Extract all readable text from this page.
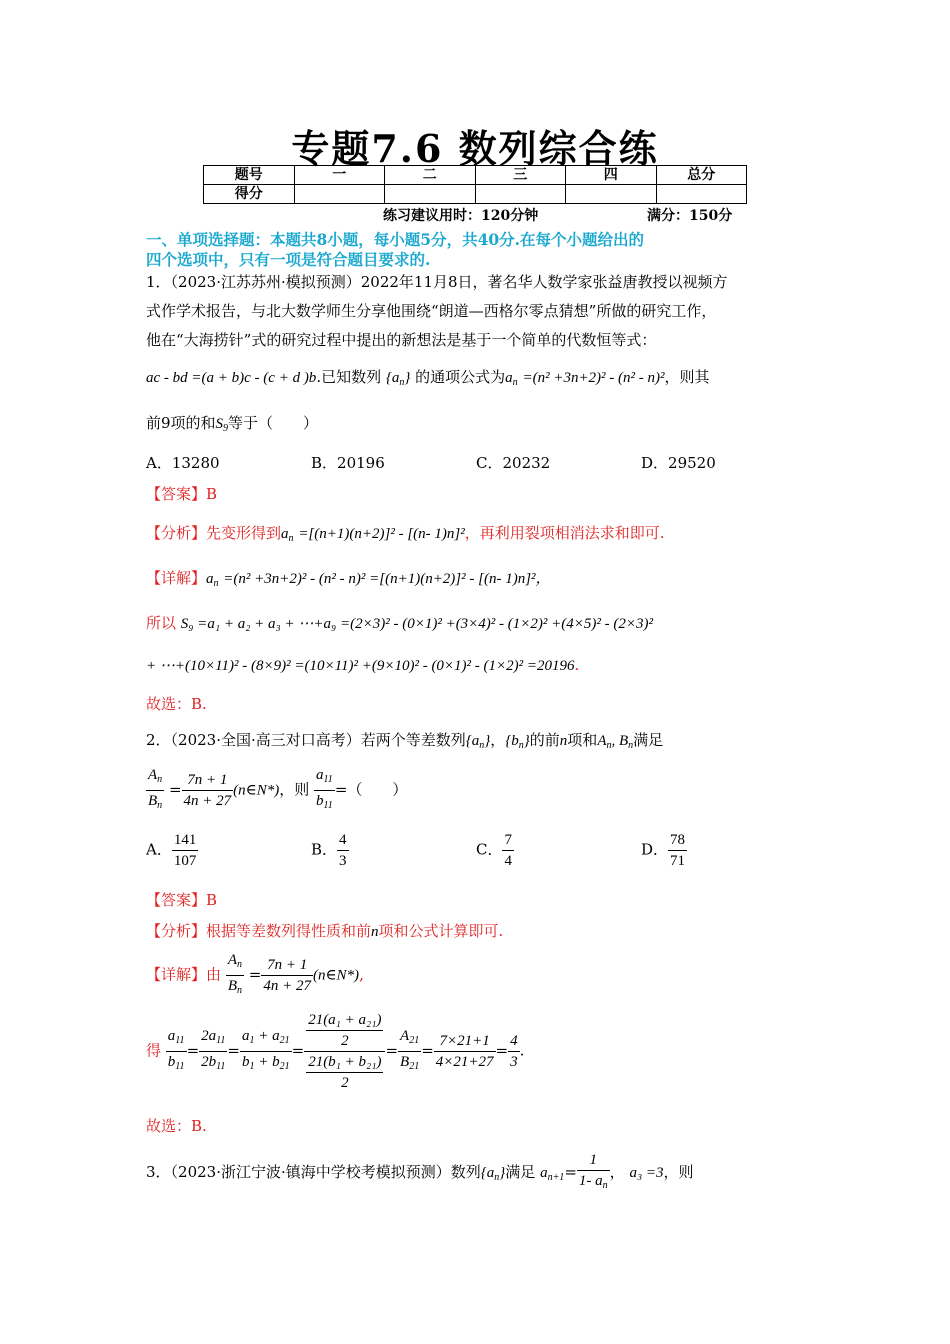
专题7.6 数列综合练
题号	一	二	三	四	总分
得分					
练习建议用时：120分钟	满分：150分
一、单项选择题：本题共8小题，每小题5分，共40分.在每个小题给出的
四个选项中，只有一项是符合题目要求的.
1．（2023·江苏苏州·模拟预测）2022年11月8日，著名华人数学家张益唐教授以视频方
式作学术报告，与北大数学师生分享他围绕“朗道—西格尔零点猜想”所做的研究工作，
他在“大海捞针”式的研究过程中提出的新想法是基于一个简单的代数恒等式：
ac - bd =(a + b)c - (c + d )b.已知数列 $\{a_n\}$ 的通项公式为$a_n =(n^2 +3n+2)^2 - (n^2 - n)^2$，则其
前9项的和$S_9$等于（　　）
A．13280	B．20196	C．20232	D．29520
【答案】B
【分析】先变形得到$a_n =[(n+1)(n+2)]^2 - [(n-$ 1)n]²，再利用裂项相消法求和即可.
【详解】$a_n =(n^2 +3n+2)^2 - (n^2 - n)^2 =[(n+1)(n+2)]^2 - [(n-$ 1)n]²，
所以 S₉ =a₁ + a₂ + a₃ + ⋯+a₉ =(2×3)² - (0×1)² +(3×4)² - (1×2)² +(4×5)² - (2×3)²
+ ⋯+(10×11)² - (8×9)² =(10×11)² +(9×10)² - (0×1)² - (1×2)² =20196.
故选：B.
2．（2023·全国·高三对口高考）若两个等差数列$\{a_n\}$，$\{b_n\}$的前n项和$A_n$, $B_n$满足
$\frac{A_n}{B_n} = \frac{7n + 1}{4n + 27}$ (n∈N*)，则 $\frac{a_{11}}{b_{11}}$ =（　　）
A． $\frac{141}{107}$	B． $\frac{4}{3}$	C． $\frac{7}{4}$	D． $\frac{78}{71}$
【答案】B
【分析】根据等差数列得性质和前n项和公式计算即可.
【详解】由 $\frac{A_n}{B_n} = \frac{7n + 1}{4n + 27}$ (n∈N*),
得 $\frac{a_{11}}{b_{11}} = \frac{2a_{11}}{2b_{11}} = \frac{a_1 + a_{21}}{b_1 + b_{21}} = \frac{\frac{\text{21(a₁ + a₂₁)}}{2}}{\frac{\text{21(b₁ + b₂₁)}}{2}} = \frac{A_{21}}{B_{21}} = \frac{7\times 21+1}{4\times 21+27} = \frac{4}{3}$ .
故选：B.
3．（2023·浙江宁波·镇海中学校考模拟预测）数列$\{a_n\}$满足 $a_{n+1}= \frac{1}{1- a_n}$ ， a₃ =3，则
